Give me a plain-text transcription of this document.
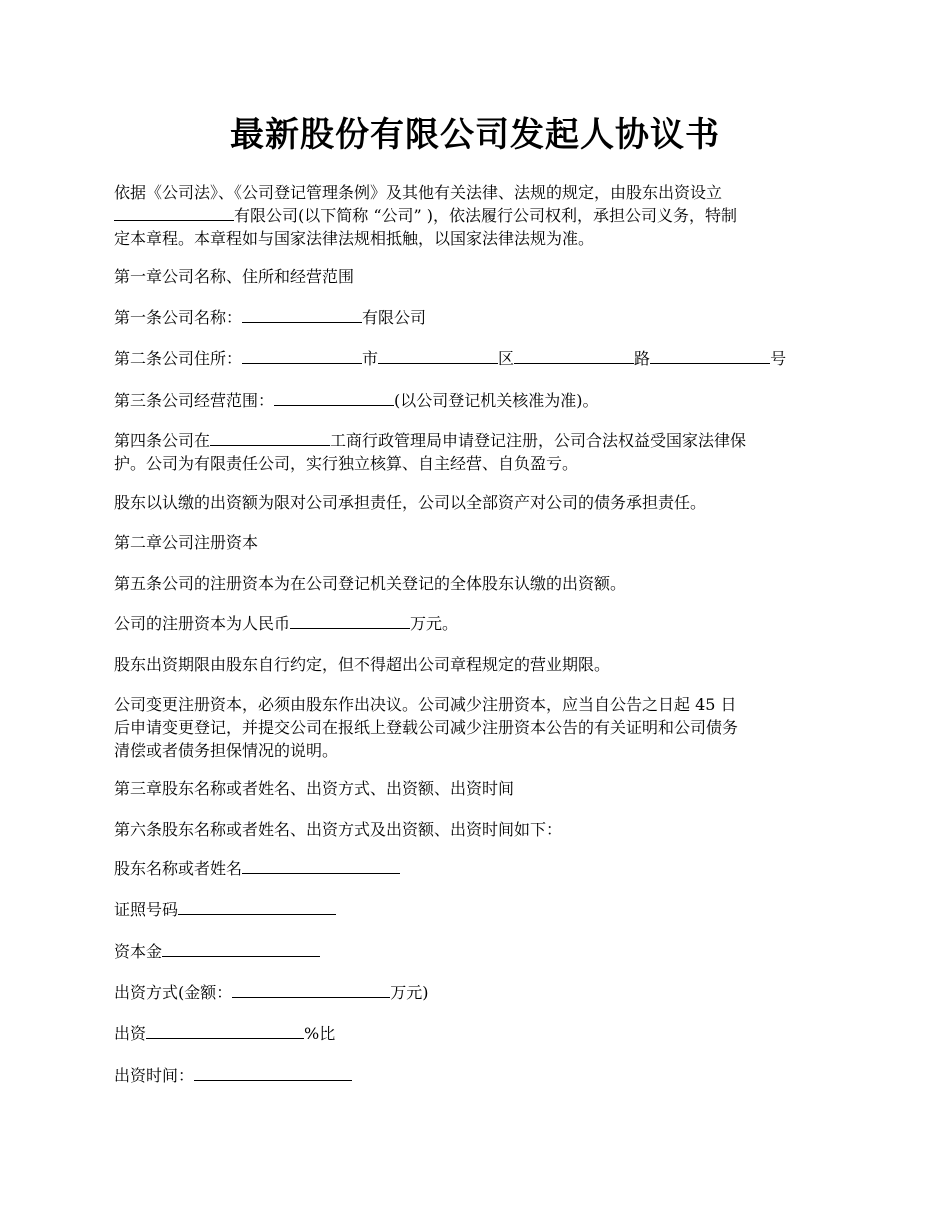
最新股份有限公司发起人协议书
依据《公司法》、《公司登记管理条例》及其他有关法律、法规的规定，由股东出资设立
有限公司(以下简称 “公司” )，依法履行公司权利，承担公司义务，特制
定本章程。本章程如与国家法律法规相抵触，以国家法律法规为准。
第一章公司名称、住所和经营范围
第一条公司名称：	有限公司
第二条公司住所：	市	区	路	号
第三条公司经营范围：	(以公司登记机关核准为准)。
第四条公司在	工商行政管理局申请登记注册，公司合法权益受国家法律保
护。公司为有限责任公司，实行独立核算、自主经营、自负盈亏。
股东以认缴的出资额为限对公司承担责任，公司以全部资产对公司的债务承担责任。
第二章公司注册资本
第五条公司的注册资本为在公司登记机关登记的全体股东认缴的出资额。
公司的注册资本为人民币	万元。
股东出资期限由股东自行约定，但不得超出公司章程规定的营业期限。
公司变更注册资本，必须由股东作出决议。公司减少注册资本，应当自公告之日起 45 日
后申请变更登记，并提交公司在报纸上登载公司减少注册资本公告的有关证明和公司债务
清偿或者债务担保情况的说明。
第三章股东名称或者姓名、出资方式、出资额、出资时间
第六条股东名称或者姓名、出资方式及出资额、出资时间如下：
股东名称或者姓名
证照号码
资本金
出资方式(金额：	万元)
出资	%比
出资时间：
